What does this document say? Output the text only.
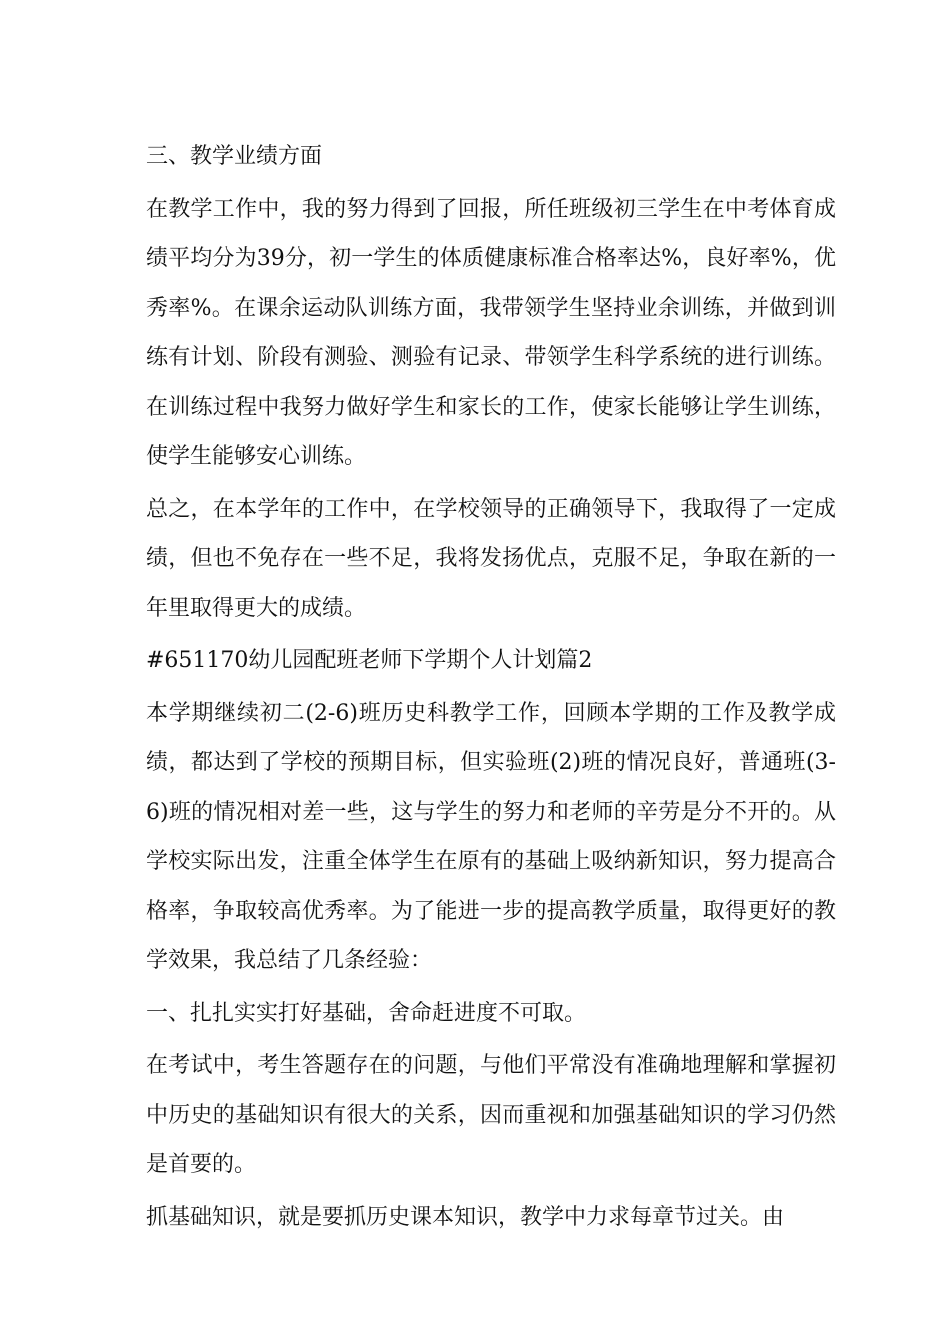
三、教学业绩方面

在教学工作中，我的努力得到了回报，所任班级初三学生在中考体育成绩平均分为39分，初一学生的体质健康标准合格率达%，良好率%，优秀率%。在课余运动队训练方面，我带领学生坚持业余训练，并做到训练有计划、阶段有测验、测验有记录、带领学生科学系统的进行训练。在训练过程中我努力做好学生和家长的工作，使家长能够让学生训练，使学生能够安心训练。

总之，在本学年的工作中，在学校领导的正确领导下，我取得了一定成绩，但也不免存在一些不足，我将发扬优点，克服不足，争取在新的一年里取得更大的成绩。

#651170幼儿园配班老师下学期个人计划篇2

本学期继续初二(2-6)班历史科教学工作，回顾本学期的工作及教学成绩，都达到了学校的预期目标，但实验班(2)班的情况良好，普通班(3-6)班的情况相对差一些，这与学生的努力和老师的辛劳是分不开的。从学校实际出发，注重全体学生在原有的基础上吸纳新知识，努力提高合格率，争取较高优秀率。为了能进一步的提高教学质量，取得更好的教学效果，我总结了几条经验：

一、扎扎实实打好基础，舍命赶进度不可取。

在考试中，考生答题存在的问题，与他们平常没有准确地理解和掌握初中历史的基础知识有很大的关系，因而重视和加强基础知识的学习仍然是首要的。

抓基础知识，就是要抓历史课本知识，教学中力求每章节过关。由
